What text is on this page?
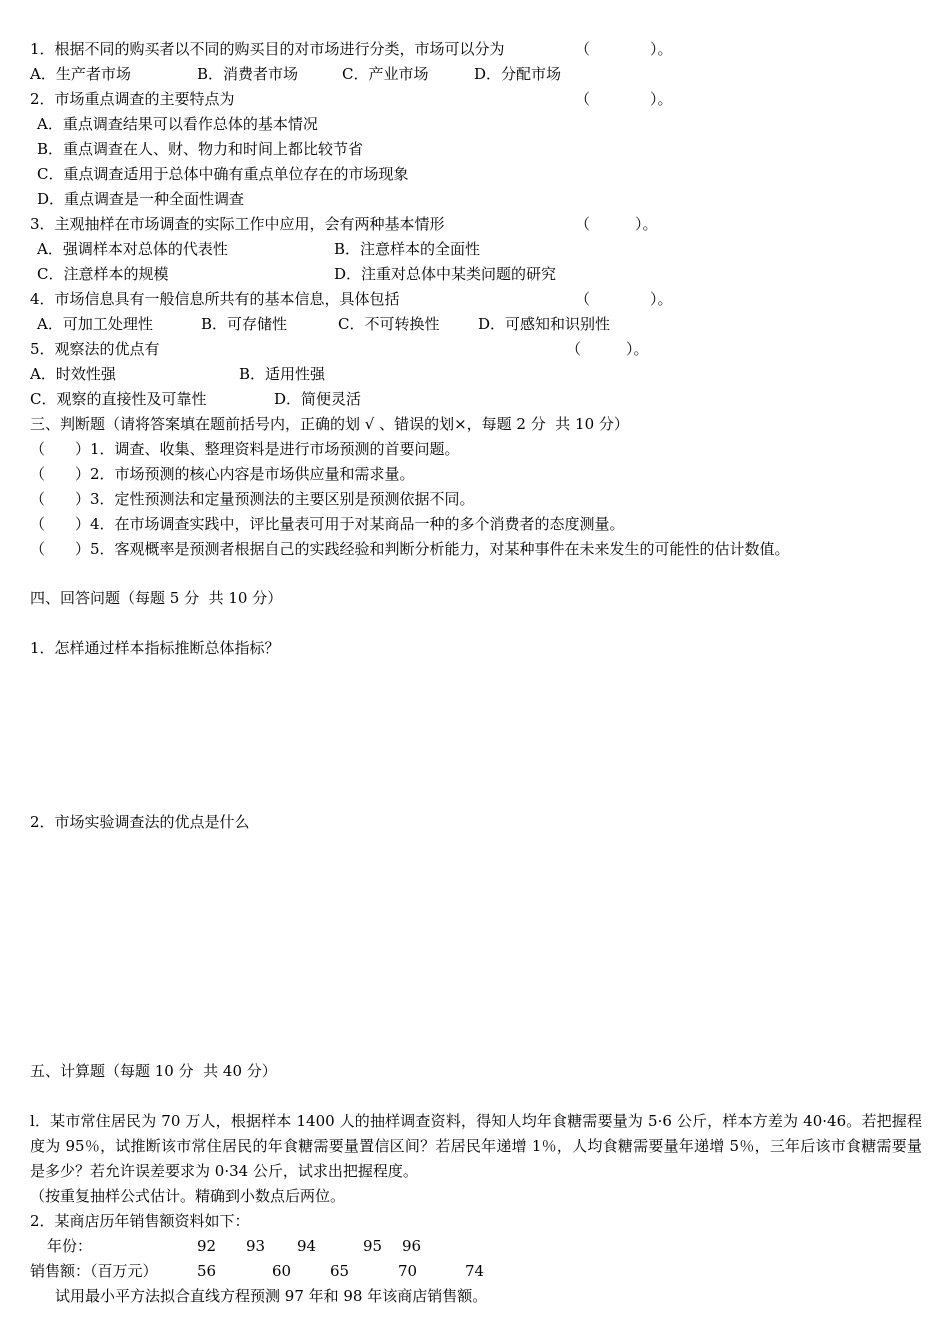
1．根据不同的购买者以不同的购买目的对市场进行分类，市场可以分为	（　　　　）。
A．生产者市场	B．消费者市场	C．产业市场	D．分配市场
2．市场重点调查的主要特点为	（　　　　）。
A．重点调查结果可以看作总体的基本情况
B．重点调查在人、财、物力和时间上都比较节省
C．重点调查适用于总体中确有重点单位存在的市场现象
D．重点调查是一种全面性调查
3．主观抽样在市场调查的实际工作中应用，会有两种基本情形	（　　　）。
A．强调样本对总体的代表性	B．注意样本的全面性
C．注意样本的规模	D．注重对总体中某类问题的研究
4．市场信息具有一般信息所共有的基本信息，具体包括	（　　　　）。
A．可加工处理性	B．可存储性	C．不可转换性	D．可感知和识别性
5．观察法的优点有	（　　　）。
A．时效性强	B．适用性强
C．观察的直接性及可靠性	D．简便灵活
三、判断题（请将答案填在题前括号内，正确的划 √ 、错误的划×，每题 2 分  共 10 分）
（　　）1．调查、收集、整理资料是进行市场预测的首要问题。
（　　）2．市场预测的核心内容是市场供应量和需求量。
（　　）3．定性预测法和定量预测法的主要区别是预测依据不同。
（　　）4．在市场调查实践中，评比量表可用于对某商品一种的多个消费者的态度测量。
（　　）5．客观概率是预测者根据自己的实践经验和判断分析能力，对某种事件在未来发生的可能性的估计数值。
四、回答问题（每题 5 分  共 10 分）
1．怎样通过样本指标推断总体指标？
2．市场实验调查法的优点是什么
五、计算题（每题 10 分  共 40 分）
l．某市常住居民为 70 万人，根据样本 1400 人的抽样调查资料，得知人均年食糖需要量为 5·6 公斤，样本方差为 40·46。若把握程度为 95％，试推断该市常住居民的年食糖需要量置信区间？若居民年递增 1％，人均食糖需要量年递增 5％，三年后该市食糖需要量是多少？若允许误差要求为 0·34 公斤，试求出把握程度。
（按重复抽样公式估计。精确到小数点后两位。
2．某商店历年销售额资料如下：
年份：	92 93 94	95 96
销售额：（百万元）	56	60	65	70	74
试用最小平方法拟合直线方程预测 97 年和 98 年该商店销售额。
